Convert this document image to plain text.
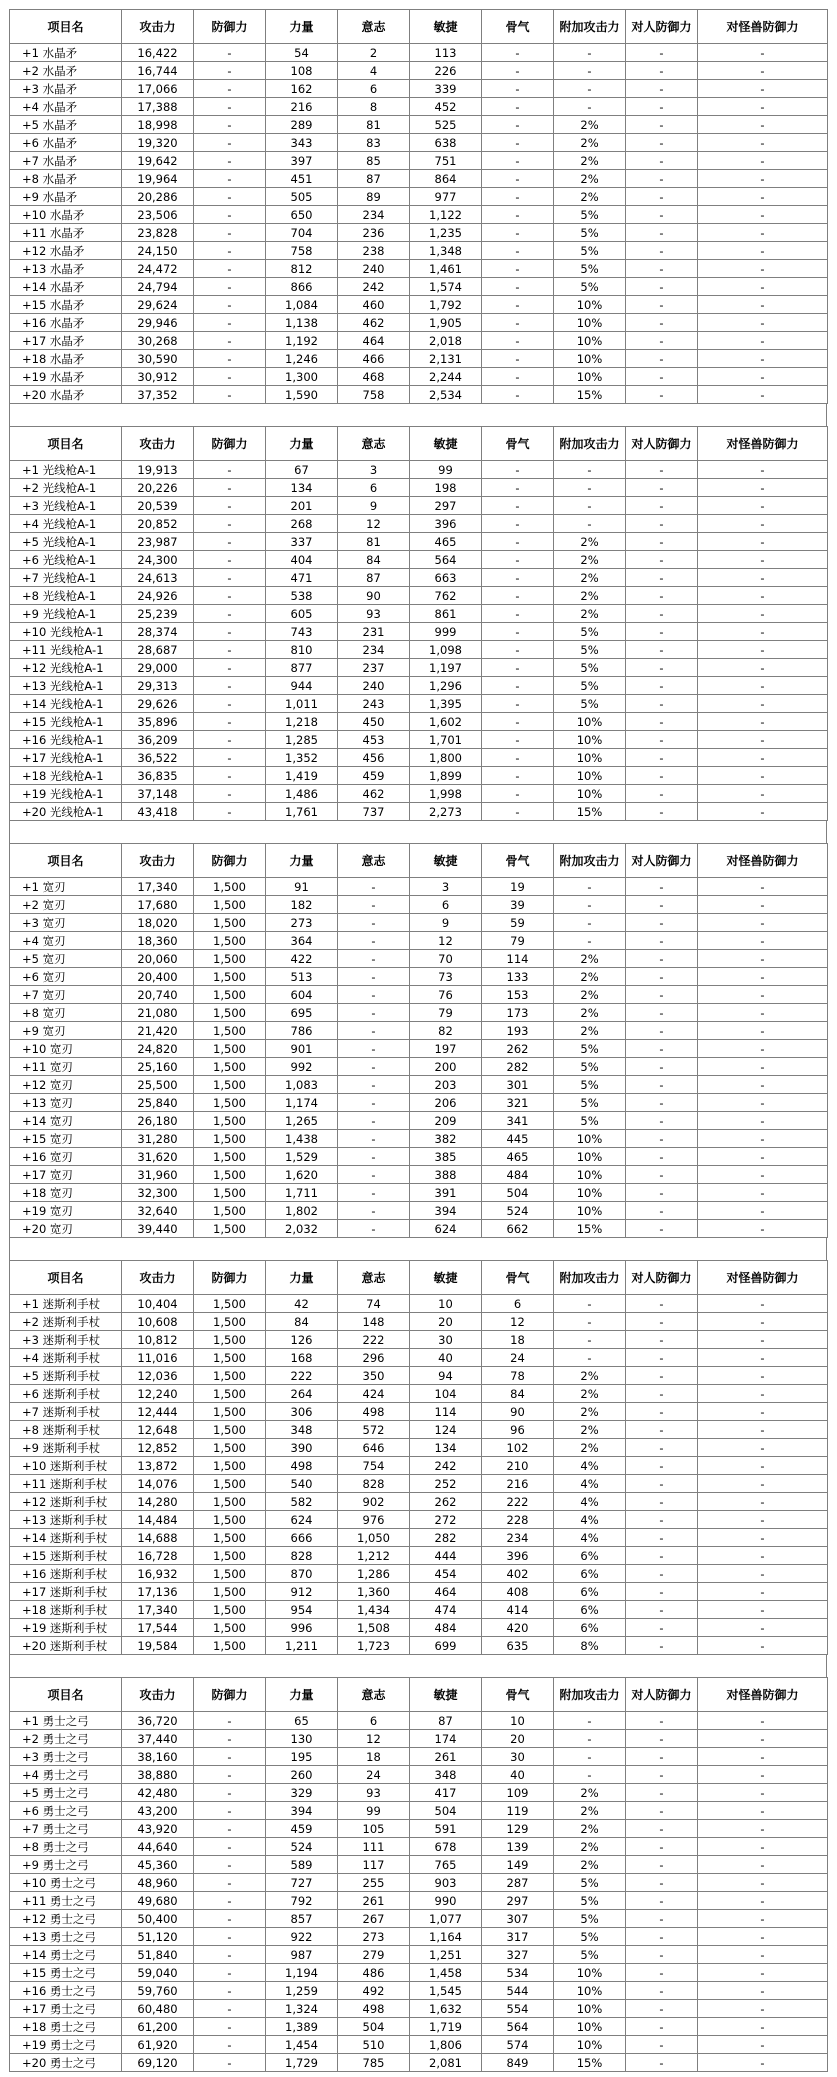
项目名	攻击力	防御力	力量	意志	敏捷	骨气	附加攻击力	对人防御力	对怪兽防御力
+1 水晶矛	16,422	-	54	2	113	-	-	-	-
+2 水晶矛	16,744	-	108	4	226	-	-	-	-
+3 水晶矛	17,066	-	162	6	339	-	-	-	-
+4 水晶矛	17,388	-	216	8	452	-	-	-	-
+5 水晶矛	18,998	-	289	81	525	-	2%	-	-
+6 水晶矛	19,320	-	343	83	638	-	2%	-	-
+7 水晶矛	19,642	-	397	85	751	-	2%	-	-
+8 水晶矛	19,964	-	451	87	864	-	2%	-	-
+9 水晶矛	20,286	-	505	89	977	-	2%	-	-
+10 水晶矛	23,506	-	650	234	1,122	-	5%	-	-
+11 水晶矛	23,828	-	704	236	1,235	-	5%	-	-
+12 水晶矛	24,150	-	758	238	1,348	-	5%	-	-
+13 水晶矛	24,472	-	812	240	1,461	-	5%	-	-
+14 水晶矛	24,794	-	866	242	1,574	-	5%	-	-
+15 水晶矛	29,624	-	1,084	460	1,792	-	10%	-	-
+16 水晶矛	29,946	-	1,138	462	1,905	-	10%	-	-
+17 水晶矛	30,268	-	1,192	464	2,018	-	10%	-	-
+18 水晶矛	30,590	-	1,246	466	2,131	-	10%	-	-
+19 水晶矛	30,912	-	1,300	468	2,244	-	10%	-	-
+20 水晶矛	37,352	-	1,590	758	2,534	-	15%	-	-
项目名	攻击力	防御力	力量	意志	敏捷	骨气	附加攻击力	对人防御力	对怪兽防御力
+1 光线枪A-1	19,913	-	67	3	99	-	-	-	-
+2 光线枪A-1	20,226	-	134	6	198	-	-	-	-
+3 光线枪A-1	20,539	-	201	9	297	-	-	-	-
+4 光线枪A-1	20,852	-	268	12	396	-	-	-	-
+5 光线枪A-1	23,987	-	337	81	465	-	2%	-	-
+6 光线枪A-1	24,300	-	404	84	564	-	2%	-	-
+7 光线枪A-1	24,613	-	471	87	663	-	2%	-	-
+8 光线枪A-1	24,926	-	538	90	762	-	2%	-	-
+9 光线枪A-1	25,239	-	605	93	861	-	2%	-	-
+10 光线枪A-1	28,374	-	743	231	999	-	5%	-	-
+11 光线枪A-1	28,687	-	810	234	1,098	-	5%	-	-
+12 光线枪A-1	29,000	-	877	237	1,197	-	5%	-	-
+13 光线枪A-1	29,313	-	944	240	1,296	-	5%	-	-
+14 光线枪A-1	29,626	-	1,011	243	1,395	-	5%	-	-
+15 光线枪A-1	35,896	-	1,218	450	1,602	-	10%	-	-
+16 光线枪A-1	36,209	-	1,285	453	1,701	-	10%	-	-
+17 光线枪A-1	36,522	-	1,352	456	1,800	-	10%	-	-
+18 光线枪A-1	36,835	-	1,419	459	1,899	-	10%	-	-
+19 光线枪A-1	37,148	-	1,486	462	1,998	-	10%	-	-
+20 光线枪A-1	43,418	-	1,761	737	2,273	-	15%	-	-
项目名	攻击力	防御力	力量	意志	敏捷	骨气	附加攻击力	对人防御力	对怪兽防御力
+1 宽刃	17,340	1,500	91	-	3	19	-	-	-
+2 宽刃	17,680	1,500	182	-	6	39	-	-	-
+3 宽刃	18,020	1,500	273	-	9	59	-	-	-
+4 宽刃	18,360	1,500	364	-	12	79	-	-	-
+5 宽刃	20,060	1,500	422	-	70	114	2%	-	-
+6 宽刃	20,400	1,500	513	-	73	133	2%	-	-
+7 宽刃	20,740	1,500	604	-	76	153	2%	-	-
+8 宽刃	21,080	1,500	695	-	79	173	2%	-	-
+9 宽刃	21,420	1,500	786	-	82	193	2%	-	-
+10 宽刃	24,820	1,500	901	-	197	262	5%	-	-
+11 宽刃	25,160	1,500	992	-	200	282	5%	-	-
+12 宽刃	25,500	1,500	1,083	-	203	301	5%	-	-
+13 宽刃	25,840	1,500	1,174	-	206	321	5%	-	-
+14 宽刃	26,180	1,500	1,265	-	209	341	5%	-	-
+15 宽刃	31,280	1,500	1,438	-	382	445	10%	-	-
+16 宽刃	31,620	1,500	1,529	-	385	465	10%	-	-
+17 宽刃	31,960	1,500	1,620	-	388	484	10%	-	-
+18 宽刃	32,300	1,500	1,711	-	391	504	10%	-	-
+19 宽刃	32,640	1,500	1,802	-	394	524	10%	-	-
+20 宽刃	39,440	1,500	2,032	-	624	662	15%	-	-
项目名	攻击力	防御力	力量	意志	敏捷	骨气	附加攻击力	对人防御力	对怪兽防御力
+1 迷斯利手杖	10,404	1,500	42	74	10	6	-	-	-
+2 迷斯利手杖	10,608	1,500	84	148	20	12	-	-	-
+3 迷斯利手杖	10,812	1,500	126	222	30	18	-	-	-
+4 迷斯利手杖	11,016	1,500	168	296	40	24	-	-	-
+5 迷斯利手杖	12,036	1,500	222	350	94	78	2%	-	-
+6 迷斯利手杖	12,240	1,500	264	424	104	84	2%	-	-
+7 迷斯利手杖	12,444	1,500	306	498	114	90	2%	-	-
+8 迷斯利手杖	12,648	1,500	348	572	124	96	2%	-	-
+9 迷斯利手杖	12,852	1,500	390	646	134	102	2%	-	-
+10 迷斯利手杖	13,872	1,500	498	754	242	210	4%	-	-
+11 迷斯利手杖	14,076	1,500	540	828	252	216	4%	-	-
+12 迷斯利手杖	14,280	1,500	582	902	262	222	4%	-	-
+13 迷斯利手杖	14,484	1,500	624	976	272	228	4%	-	-
+14 迷斯利手杖	14,688	1,500	666	1,050	282	234	4%	-	-
+15 迷斯利手杖	16,728	1,500	828	1,212	444	396	6%	-	-
+16 迷斯利手杖	16,932	1,500	870	1,286	454	402	6%	-	-
+17 迷斯利手杖	17,136	1,500	912	1,360	464	408	6%	-	-
+18 迷斯利手杖	17,340	1,500	954	1,434	474	414	6%	-	-
+19 迷斯利手杖	17,544	1,500	996	1,508	484	420	6%	-	-
+20 迷斯利手杖	19,584	1,500	1,211	1,723	699	635	8%	-	-
项目名	攻击力	防御力	力量	意志	敏捷	骨气	附加攻击力	对人防御力	对怪兽防御力
+1 勇士之弓	36,720	-	65	6	87	10	-	-	-
+2 勇士之弓	37,440	-	130	12	174	20	-	-	-
+3 勇士之弓	38,160	-	195	18	261	30	-	-	-
+4 勇士之弓	38,880	-	260	24	348	40	-	-	-
+5 勇士之弓	42,480	-	329	93	417	109	2%	-	-
+6 勇士之弓	43,200	-	394	99	504	119	2%	-	-
+7 勇士之弓	43,920	-	459	105	591	129	2%	-	-
+8 勇士之弓	44,640	-	524	111	678	139	2%	-	-
+9 勇士之弓	45,360	-	589	117	765	149	2%	-	-
+10 勇士之弓	48,960	-	727	255	903	287	5%	-	-
+11 勇士之弓	49,680	-	792	261	990	297	5%	-	-
+12 勇士之弓	50,400	-	857	267	1,077	307	5%	-	-
+13 勇士之弓	51,120	-	922	273	1,164	317	5%	-	-
+14 勇士之弓	51,840	-	987	279	1,251	327	5%	-	-
+15 勇士之弓	59,040	-	1,194	486	1,458	534	10%	-	-
+16 勇士之弓	59,760	-	1,259	492	1,545	544	10%	-	-
+17 勇士之弓	60,480	-	1,324	498	1,632	554	10%	-	-
+18 勇士之弓	61,200	-	1,389	504	1,719	564	10%	-	-
+19 勇士之弓	61,920	-	1,454	510	1,806	574	10%	-	-
+20 勇士之弓	69,120	-	1,729	785	2,081	849	15%	-	-
